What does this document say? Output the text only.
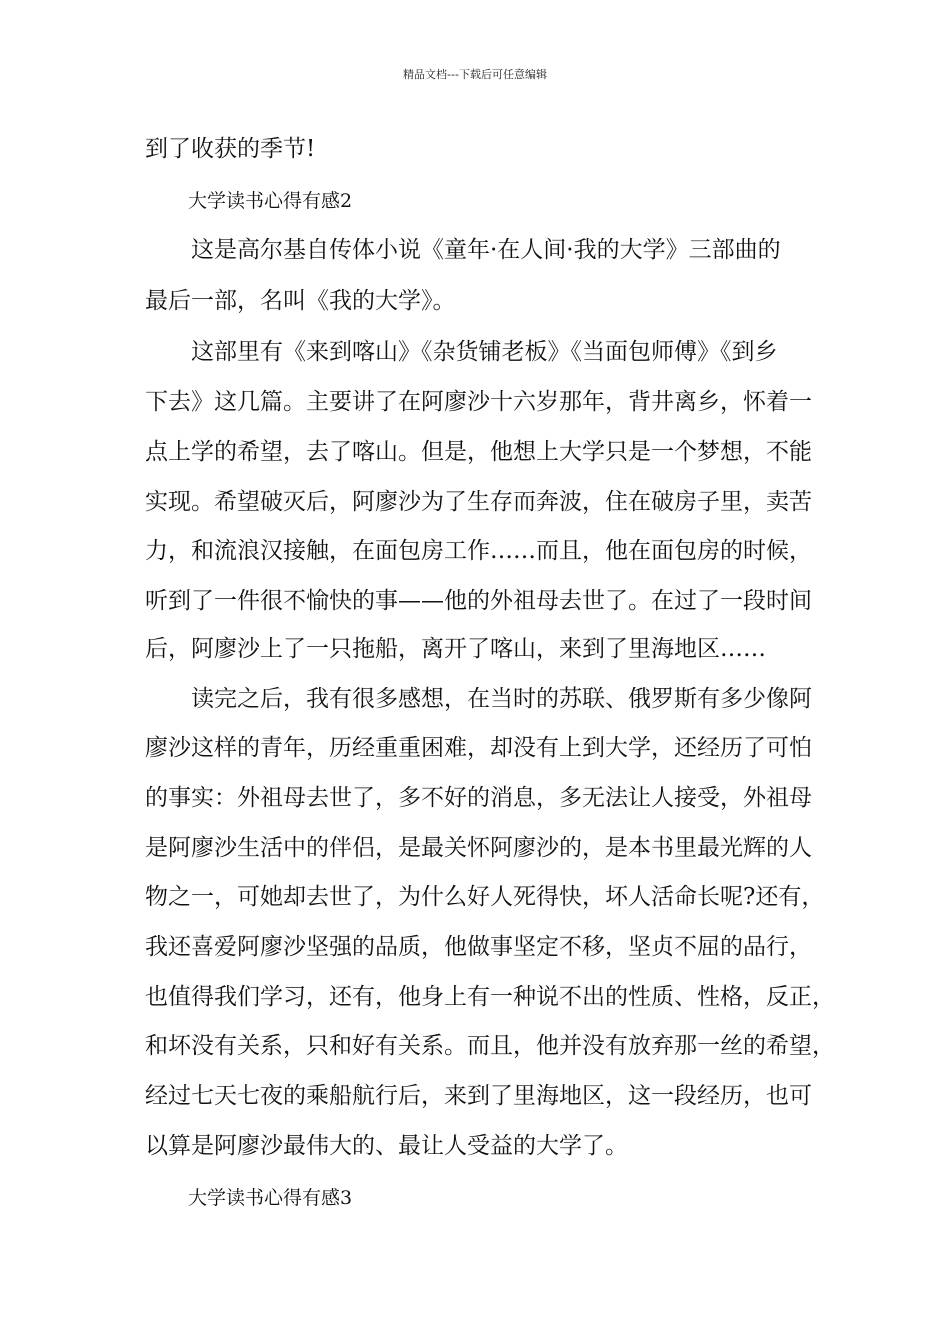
精品文档---下载后可任意编辑
到了收获的季节!
大学读书心得有感2
这是高尔基自传体小说《童年·在人间·我的大学》三部曲的
最后一部，名叫《我的大学》。
这部里有《来到喀山》《杂货铺老板》《当面包师傅》《到乡
下去》这几篇。主要讲了在阿廖沙十六岁那年，背井离乡，怀着一
点上学的希望，去了喀山。但是，他想上大学只是一个梦想，不能
实现。希望破灭后，阿廖沙为了生存而奔波，住在破房子里，卖苦
力，和流浪汉接触，在面包房工作……而且，他在面包房的时候，
听到了一件很不愉快的事——他的外祖母去世了。在过了一段时间
后，阿廖沙上了一只拖船，离开了喀山，来到了里海地区……
读完之后，我有很多感想，在当时的苏联、俄罗斯有多少像阿
廖沙这样的青年，历经重重困难，却没有上到大学，还经历了可怕
的事实：外祖母去世了，多不好的消息，多无法让人接受，外祖母
是阿廖沙生活中的伴侣，是最关怀阿廖沙的，是本书里最光辉的人
物之一，可她却去世了，为什么好人死得快，坏人活命长呢?还有，
我还喜爱阿廖沙坚强的品质，他做事坚定不移，坚贞不屈的品行，
也值得我们学习，还有，他身上有一种说不出的性质、性格，反正，
和坏没有关系，只和好有关系。而且，他并没有放弃那一丝的希望，
经过七天七夜的乘船航行后，来到了里海地区，这一段经历，也可
以算是阿廖沙最伟大的、最让人受益的大学了。
大学读书心得有感3
